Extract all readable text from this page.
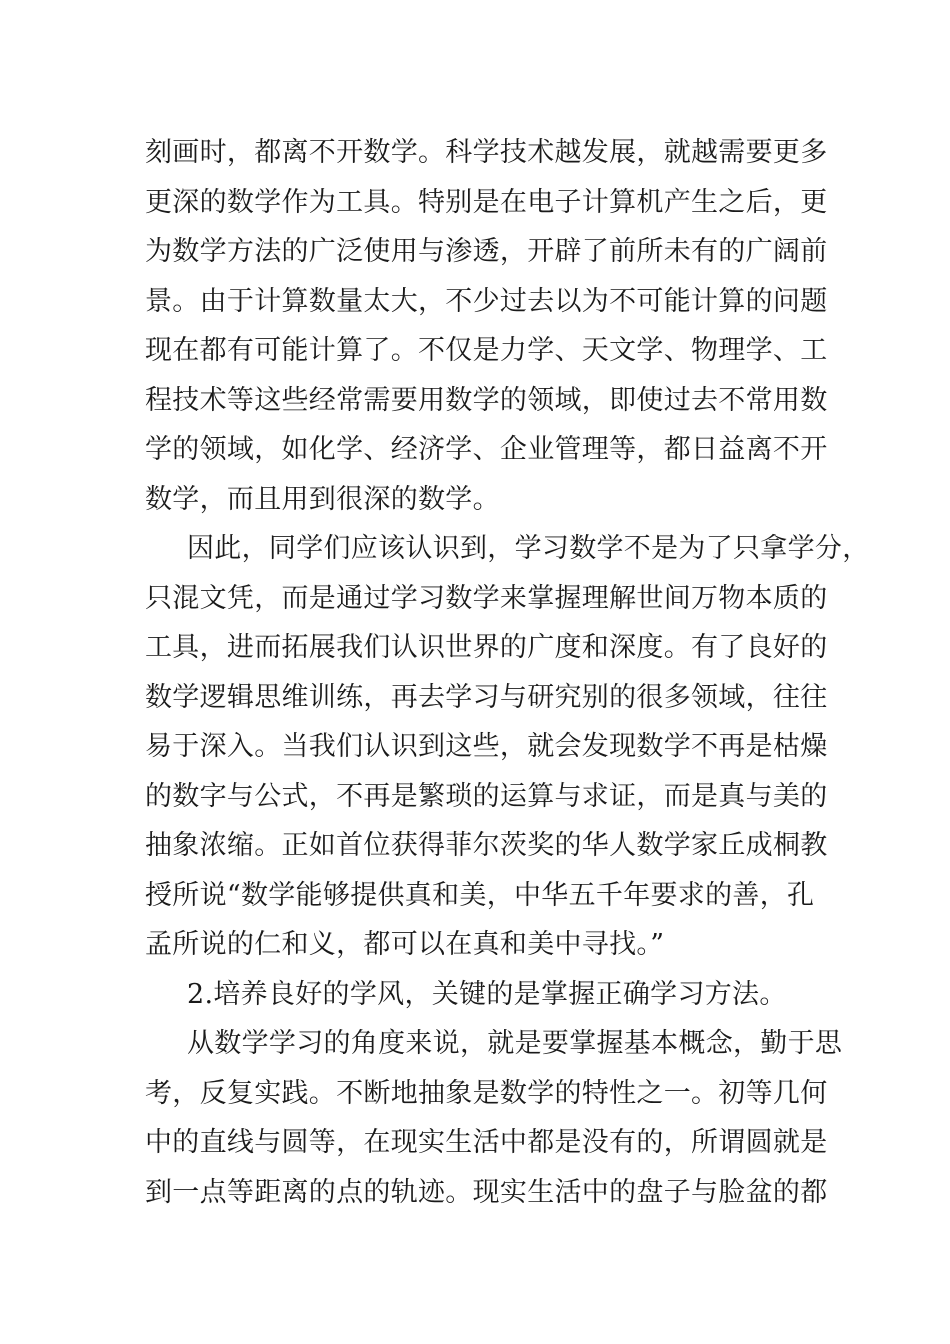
刻画时，都离不开数学。科学技术越发展，就越需要更多
更深的数学作为工具。特别是在电子计算机产生之后，更
为数学方法的广泛使用与渗透，开辟了前所未有的广阔前
景。由于计算数量太大，不少过去以为不可能计算的问题
现在都有可能计算了。不仅是力学、天文学、物理学、工
程技术等这些经常需要用数学的领域，即使过去不常用数
学的领域，如化学、经济学、企业管理等，都日益离不开
数学，而且用到很深的数学。
因此，同学们应该认识到，学习数学不是为了只拿学分，
只混文凭，而是通过学习数学来掌握理解世间万物本质的
工具，进而拓展我们认识世界的广度和深度。有了良好的
数学逻辑思维训练，再去学习与研究别的很多领域，往往
易于深入。当我们认识到这些，就会发现数学不再是枯燥
的数字与公式，不再是繁琐的运算与求证，而是真与美的
抽象浓缩。正如首位获得菲尔茨奖的华人数学家丘成桐教
授所说“数学能够提供真和美，中华五千年要求的善，孔
孟所说的仁和义，都可以在真和美中寻找。”
2.培养良好的学风，关键的是掌握正确学习方法。
从数学学习的角度来说，就是要掌握基本概念，勤于思
考，反复实践。不断地抽象是数学的特性之一。初等几何
中的直线与圆等，在现实生活中都是没有的，所谓圆就是
到一点等距离的点的轨迹。现实生活中的盘子与脸盆的都
